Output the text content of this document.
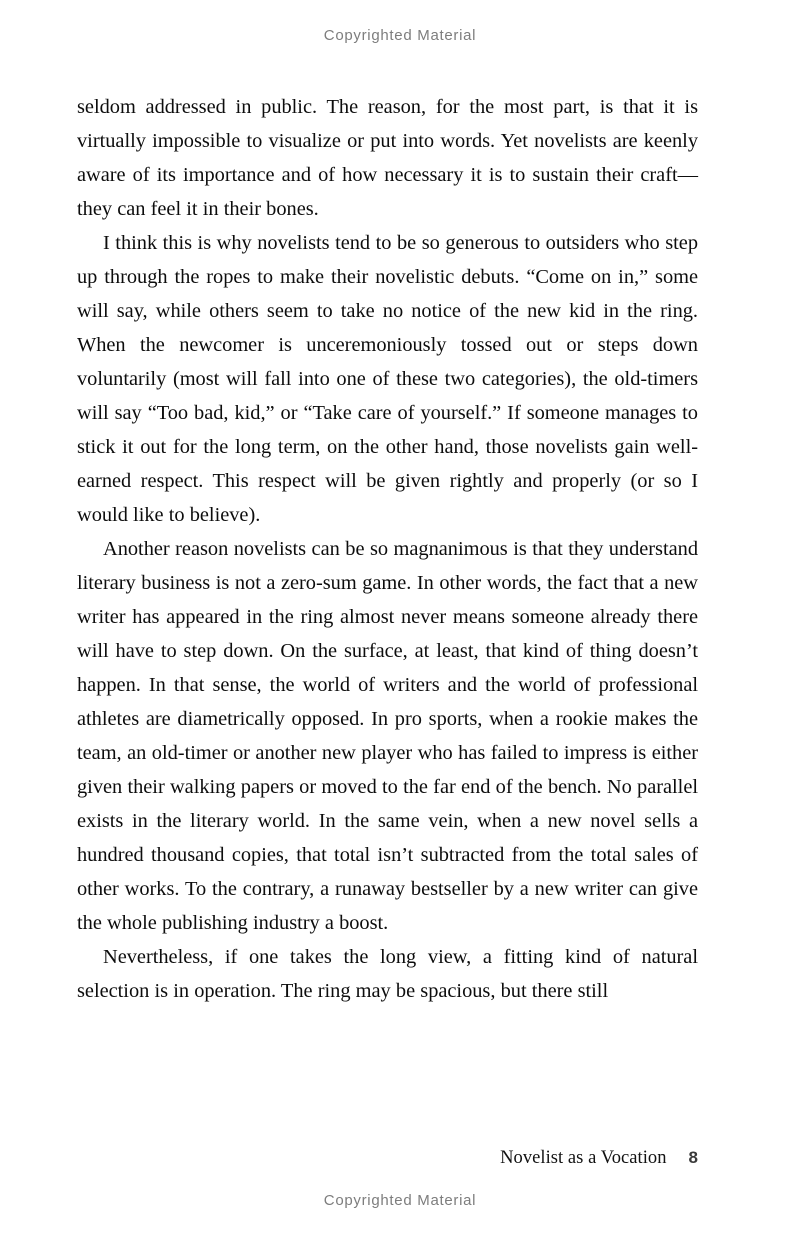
Copyrighted Material

seldom addressed in public. The reason, for the most part, is that it is virtually impossible to visualize or put into words. Yet novelists are keenly aware of its importance and of how necessary it is to sustain their craft—they can feel it in their bones.

I think this is why novelists tend to be so generous to outsiders who step up through the ropes to make their novelistic debuts. “Come on in,” some will say, while others seem to take no notice of the new kid in the ring. When the newcomer is unceremoniously tossed out or steps down voluntarily (most will fall into one of these two categories), the old-timers will say “Too bad, kid,” or “Take care of yourself.” If someone manages to stick it out for the long term, on the other hand, those novelists gain well-earned respect. This respect will be given rightly and properly (or so I would like to believe).

Another reason novelists can be so magnanimous is that they understand literary business is not a zero-sum game. In other words, the fact that a new writer has appeared in the ring almost never means someone already there will have to step down. On the surface, at least, that kind of thing doesn’t happen. In that sense, the world of writers and the world of professional athletes are diametrically opposed. In pro sports, when a rookie makes the team, an old-timer or another new player who has failed to impress is either given their walking papers or moved to the far end of the bench. No parallel exists in the literary world. In the same vein, when a new novel sells a hundred thousand copies, that total isn’t subtracted from the total sales of other works. To the contrary, a runaway bestseller by a new writer can give the whole publishing industry a boost.

Nevertheless, if one takes the long view, a fitting kind of natural selection is in operation. The ring may be spacious, but there still

Novelist as a Vocation 8
Copyrighted Material
